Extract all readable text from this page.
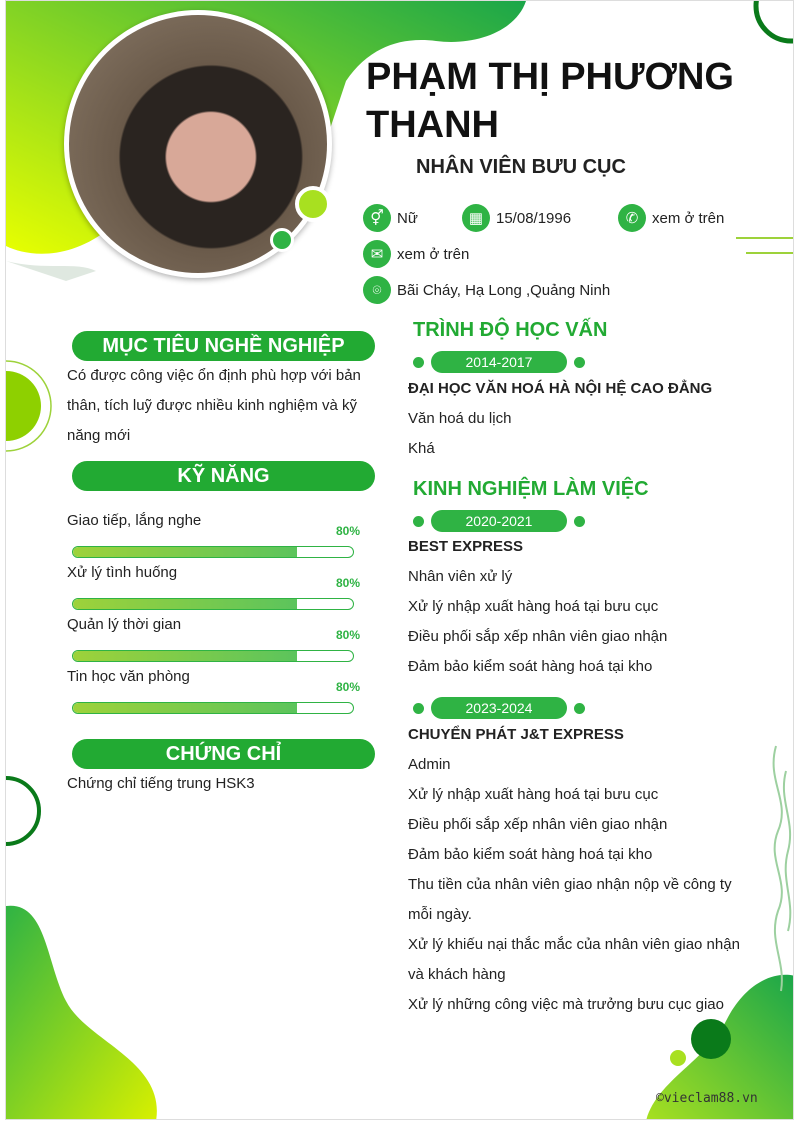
PHẠM THỊ PHƯƠNG THANH
NHÂN VIÊN BƯU CỤC
⚥ Nữ	▦ 15/08/1996	✆ xem ở trên
✉ xem ở trên
⌾	Bãi Cháy, Hạ Long ,Quảng Ninh
MỤC TIÊU NGHỀ NGHIỆP
Có được công việc ổn định phù hợp với bản thân, tích luỹ được nhiều kinh nghiệm và kỹ năng mới
KỸ NĂNG
Giao tiếp, lắng nghe
80%
Xử lý tình huống
80%
Quản lý thời gian
80%
Tin học văn phòng
80%
CHỨNG CHỈ
Chứng chỉ tiếng trung HSK3
TRÌNH ĐỘ HỌC VẤN
2014-2017
ĐẠI HỌC VĂN HOÁ HÀ NỘI HỆ CAO ĐẲNG
Văn hoá du lịch
Khá
KINH NGHIỆM LÀM VIỆC
2020-2021
BEST EXPRESS
Nhân viên xử lý
Xử lý nhập xuất hàng hoá tại bưu cục
Điều phối sắp xếp nhân viên giao nhận
Đảm bảo kiểm soát hàng hoá tại kho
2023-2024
CHUYỂN PHÁT J&T EXPRESS
Admin
Xử lý nhập xuất hàng hoá tại bưu cục
Điều phối sắp xếp nhân viên giao nhận
Đảm bảo kiểm soát hàng hoá tại kho
Thu tiền của nhân viên giao nhận nộp về công ty mỗi ngày.
Xử lý khiếu nại thắc mắc của nhân viên giao nhận và khách hàng
Xử lý những công việc mà trưởng bưu cục giao
©vieclam88.vn
